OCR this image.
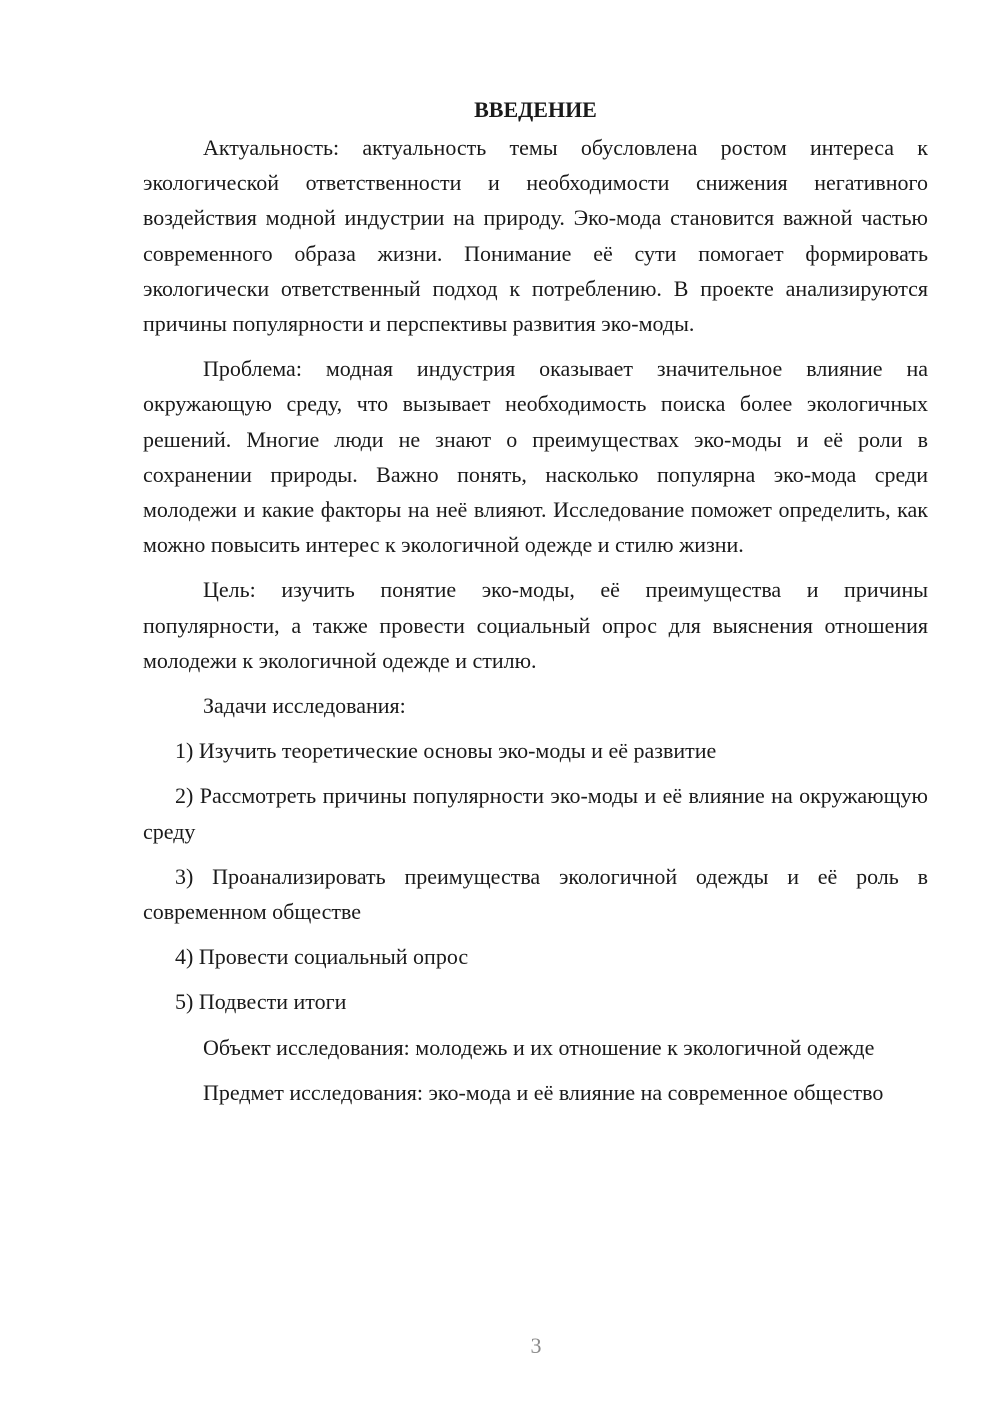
ВВЕДЕНИЕ

Актуальность: актуальность темы обусловлена ростом интереса к экологической ответственности и необходимости снижения негативного воздействия модной индустрии на природу. Эко-мода становится важной частью современного образа жизни. Понимание её сути помогает формировать экологически ответственный подход к потреблению. В проекте анализируются причины популярности и перспективы развития эко-моды.

Проблема: модная индустрия оказывает значительное влияние на окружающую среду, что вызывает необходимость поиска более экологичных решений. Многие люди не знают о преимуществах эко-моды и её роли в сохранении природы. Важно понять, насколько популярна эко-мода среди молодежи и какие факторы на неё влияют. Исследование поможет определить, как можно повысить интерес к экологичной одежде и стилю жизни.

Цель: изучить понятие эко-моды, её преимущества и причины популярности, а также провести социальный опрос для выяснения отношения молодежи к экологичной одежде и стилю.

Задачи исследования:

1) Изучить теоретические основы эко-моды и её развитие

2) Рассмотреть причины популярности эко-моды и её влияние на окружающую среду

3) Проанализировать преимущества экологичной одежды и её роль в современном обществе

4) Провести социальный опрос

5) Подвести итоги

Объект исследования: молодежь и их отношение к экологичной одежде

Предмет исследования: эко-мода и её влияние на современное общество

3
